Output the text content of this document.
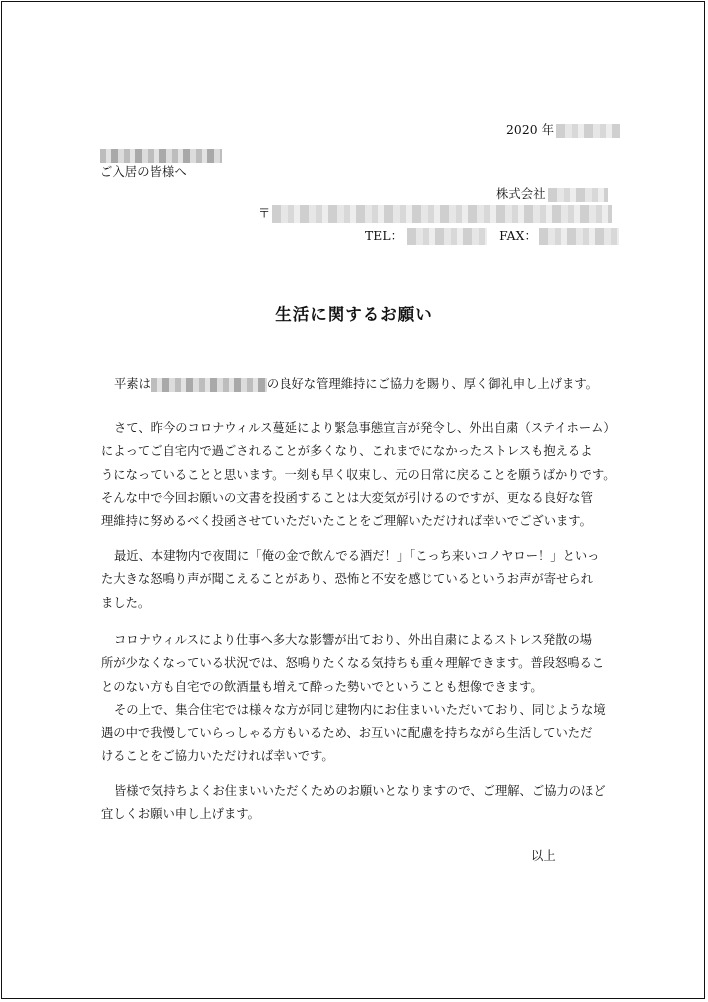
2020 年
ご入居の皆様へ
株式会社
〒
TEL：	FAX：
生活に関するお願い
平素は	の良好な管理維持にご協力を賜り、厚く御礼申し上げます。
さて、昨今のコロナウィルス蔓延により緊急事態宣言が発令し、外出自粛（ステイホーム）
によってご自宅内で過ごされることが多くなり、これまでになかったストレスも抱えるよ
うになっていることと思います。一刻も早く収束し、元の日常に戻ることを願うばかりです。
そんな中で今回お願いの文書を投函することは大変気が引けるのですが、更なる良好な管
理維持に努めるべく投函させていただいたことをご理解いただければ幸いでございます。
最近、本建物内で夜間に「俺の金で飲んでる酒だ！」「こっち来いコノヤロー！」といっ
た大きな怒鳴り声が聞こえることがあり、恐怖と不安を感じているというお声が寄せられ
ました。
コロナウィルスにより仕事へ多大な影響が出ており、外出自粛によるストレス発散の場
所が少なくなっている状況では、怒鳴りたくなる気持ちも重々理解できます。普段怒鳴るこ
とのない方も自宅での飲酒量も増えて酔った勢いでということも想像できます。
その上で、集合住宅では様々な方が同じ建物内にお住まいいただいており、同じような境
遇の中で我慢していらっしゃる方もいるため、お互いに配慮を持ちながら生活していただ
けることをご協力いただければ幸いです。
皆様で気持ちよくお住まいいただくためのお願いとなりますので、ご理解、ご協力のほど
宜しくお願い申し上げます。
以上
